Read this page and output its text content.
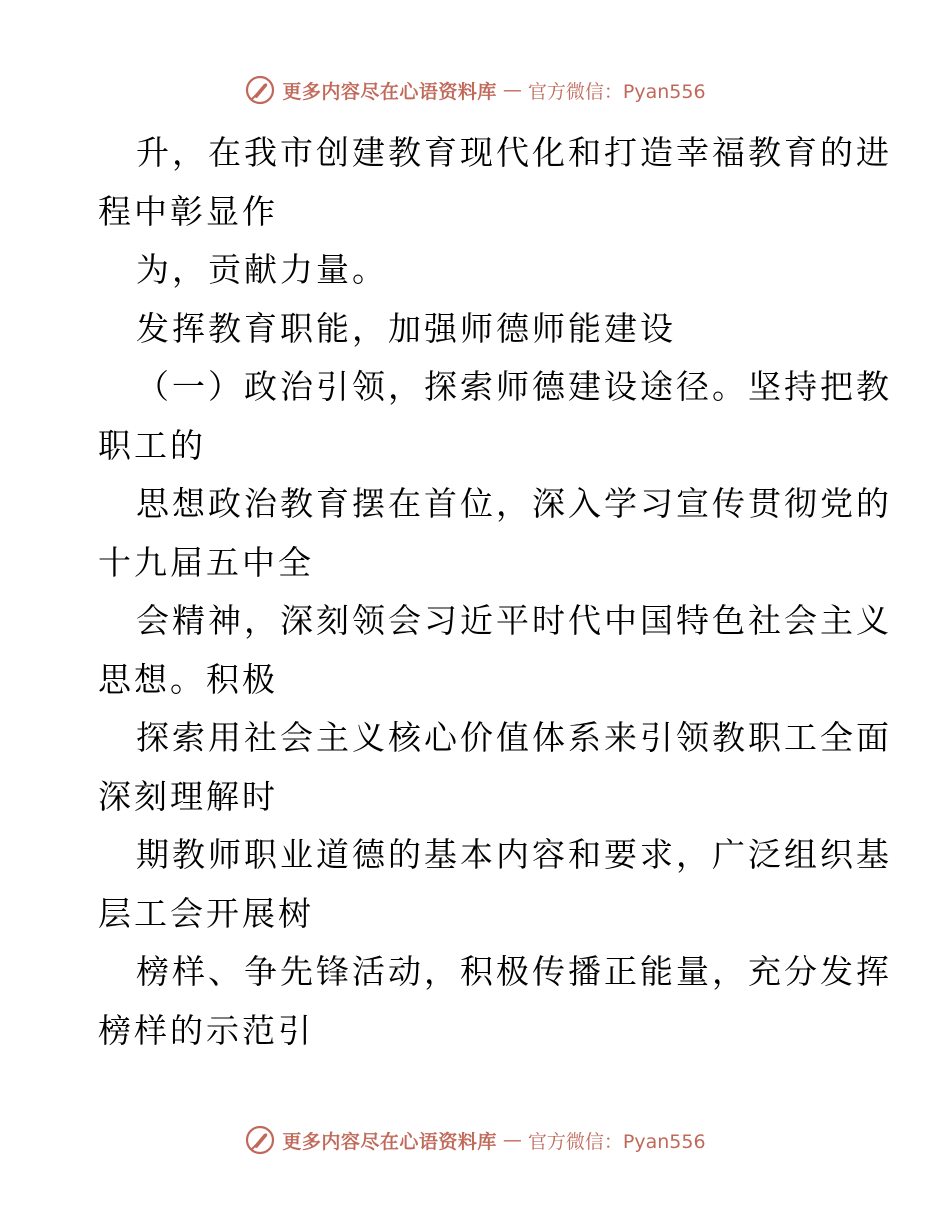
更多内容尽在心语资料库 — 官方微信：Pyan556
升，在我市创建教育现代化和打造幸福教育的进
程中彰显作
为，贡献力量。
发挥教育职能，加强师德师能建设
（一）政治引领，探索师德建设途径。坚持把教
职工的
思想政治教育摆在首位，深入学习宣传贯彻党的
十九届五中全
会精神，深刻领会习近平时代中国特色社会主义
思想。积极
探索用社会主义核心价值体系来引领教职工全面
深刻理解时
期教师职业道德的基本内容和要求，广泛组织基
层工会开展树
榜样、争先锋活动，积极传播正能量，充分发挥
榜样的示范引
更多内容尽在心语资料库 — 官方微信：Pyan556
